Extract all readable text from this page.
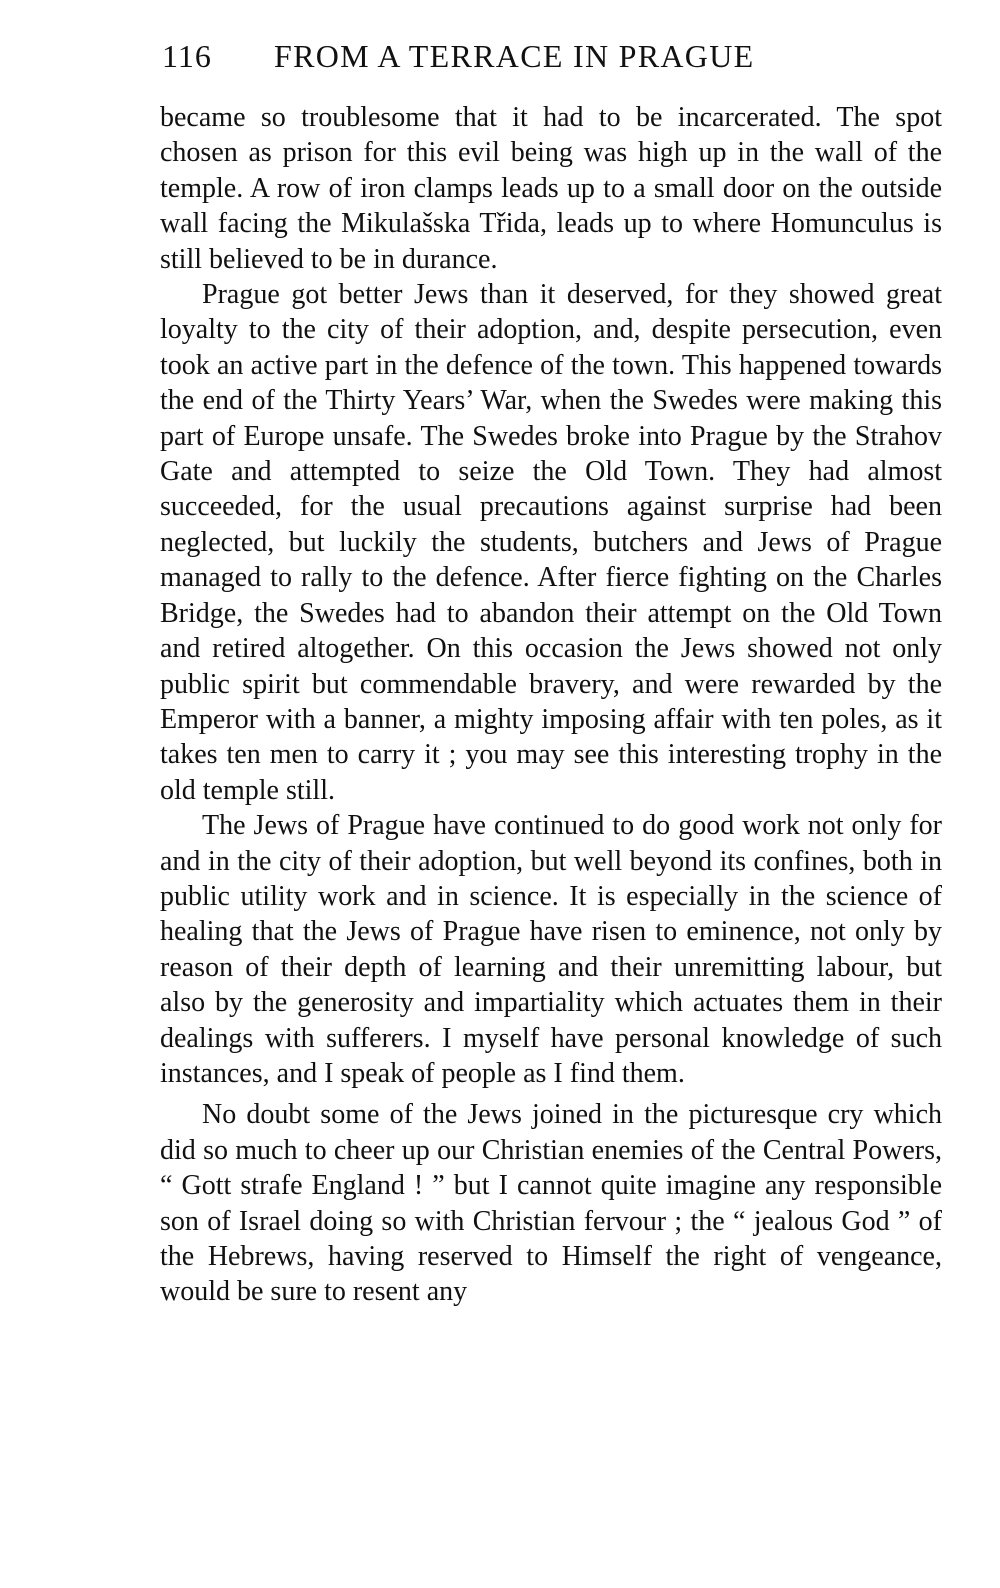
116 FROM A TERRACE IN PRAGUE

became so troublesome that it had to be incarcerated. The spot chosen as prison for this evil being was high up in the wall of the temple. A row of iron clamps leads up to a small door on the outside wall facing the Mikulašska Třida, leads up to where Homunculus is still believed to be in durance.

Prague got better Jews than it deserved, for they showed great loyalty to the city of their adoption, and, despite persecution, even took an active part in the defence of the town. This happened towards the end of the Thirty Years’ War, when the Swedes were making this part of Europe unsafe. The Swedes broke into Prague by the Strahov Gate and attempted to seize the Old Town. They had almost succeeded, for the usual precautions against surprise had been neglected, but luckily the students, butchers and Jews of Prague managed to rally to the defence. After fierce fighting on the Charles Bridge, the Swedes had to abandon their attempt on the Old Town and retired altogether. On this occasion the Jews showed not only public spirit but commendable bravery, and were rewarded by the Emperor with a banner, a mighty imposing affair with ten poles, as it takes ten men to carry it ; you may see this interesting trophy in the old temple still.

The Jews of Prague have continued to do good work not only for and in the city of their adoption, but well beyond its confines, both in public utility work and in science. It is especially in the science of healing that the Jews of Prague have risen to eminence, not only by reason of their depth of learning and their unremitting labour, but also by the generosity and impartiality which actuates them in their dealings with sufferers. I myself have personal knowledge of such instances, and I speak of people as I find them.

No doubt some of the Jews joined in the picturesque cry which did so much to cheer up our Christian enemies of the Central Powers, “ Gott strafe England ! ” but I cannot quite imagine any responsible son of Israel doing so with Christian fervour ; the “ jealous God ” of the Hebrews, having reserved to Himself the right of vengeance, would be sure to resent any
